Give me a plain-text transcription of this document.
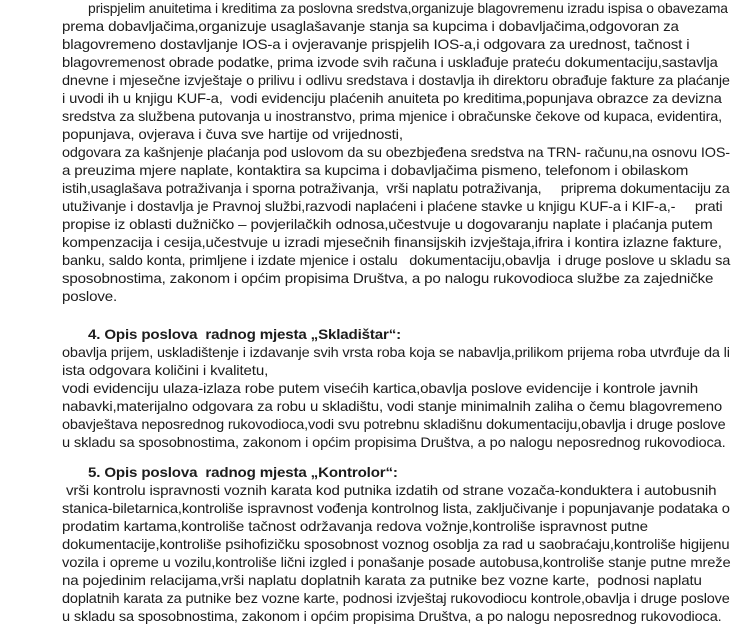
prispjelim anuitetima i kreditima za poslovna sredstva,organizuje blagovremenu izradu ispisa o obavezama
prema dobavljačima,organizuje usaglašavanje stanja sa kupcima i dobavljačima,odgovoran za
blagovremeno dostavljanje IOS-a i ovjeravanje prispjelih IOS-a,i odgovara za urednost, tačnost i
blagovremenost obrade podatke, prima izvode svih računa i usklađuje prateću dokumentaciju,sastavlja
dnevne i mjesečne izvještaje o prilivu i odlivu sredstava i dostavlja ih direktoru obrađuje fakture za plaćanje
i uvodi ih u knjigu KUF-a,  vodi evidenciju plaćenih anuiteta po kreditima,popunjava obrazce za devizna
sredstva za službena putovanja u inostranstvo, prima mjenice i obračunske čekove od kupaca, evidentira,
popunjava, ovjerava i čuva sve hartije od vrijednosti,
odgovara za kašnjenje plaćanja pod uslovom da su obezbjeđena sredstva na TRN- računu,na osnovu IOS-
a preuzima mjere naplate, kontaktira sa kupcima i dobavljačima pismeno, telefonom i obilaskom
istih,usaglašava potraživanja i sporna potraživanja,  vrši naplatu potraživanja,     priprema dokumentaciju za
utuživanje i dostavlja je Pravnoj službi,razvodi naplaćeni i plaćene stavke u knjigu KUF-a i KIF-a,-     prati
propise iz oblasti dužničko – povjerilačkih odnosa,učestvuje u dogovaranju naplate i plaćanja putem
kompenzacija i cesija,učestvuje u izradi mjesečnih finansijskih izvještaja,ifrira i kontira izlazne fakture,
banku, saldo konta, primljene i izdate mjenice i ostalu   dokumentaciju,obavlja  i druge poslove u skladu sa
sposobnostima, zakonom i općim propisima Društva, a po nalogu rukovodioca službe za zajedničke
poslove.
4. Opis poslova  radnog mjesta „Skladištar“:
obavlja prijem, uskladištenje i izdavanje svih vrsta roba koja se nabavlja,prilikom prijema roba utvrđuje da li
ista odgovara količini i kvalitetu,
vodi evidenciju ulaza-izlaza robe putem visećih kartica,obavlja poslove evidencije i kontrole javnih
nabavki,materijalno odgovara za robu u skladištu, vodi stanje minimalnih zaliha o čemu blagovremeno
obavještava neposrednog rukovodioca,vodi svu potrebnu skladišnu dokumentaciju,obavlja i druge poslove
u skladu sa sposobnostima, zakonom i općim propisima Društva, a po nalogu neposrednog rukovodioca.
5. Opis poslova  radnog mjesta „Kontrolor“:
vrši kontrolu ispravnosti voznih karata kod putnika izdatih od strane vozača-konduktera i autobusnih
stanica-biletarnica,kontroliše ispravnost vođenja kontrolnog lista, zaključivanje i popunjavanje podataka o
prodatim kartama,kontroliše tačnost održavanja redova vožnje,kontroliše ispravnost putne
dokumentacije,kontroliše psihofizičku sposobnost voznog osoblja za rad u saobraćaju,kontroliše higijenu
vozila i opreme u vozilu,kontroliše lični izgled i ponašanje posade autobusa,kontroliše stanje putne mreže
na pojedinim relacijama,vrši naplatu doplatnih karata za putnike bez vozne karte,  podnosi naplatu
doplatnih karata za putnike bez vozne karte, podnosi izvještaj rukovodiocu kontrole,obavlja i druge poslove
u skladu sa sposobnostima, zakonom i općim propisima Društva, a po nalogu neposrednog rukovodioca.
